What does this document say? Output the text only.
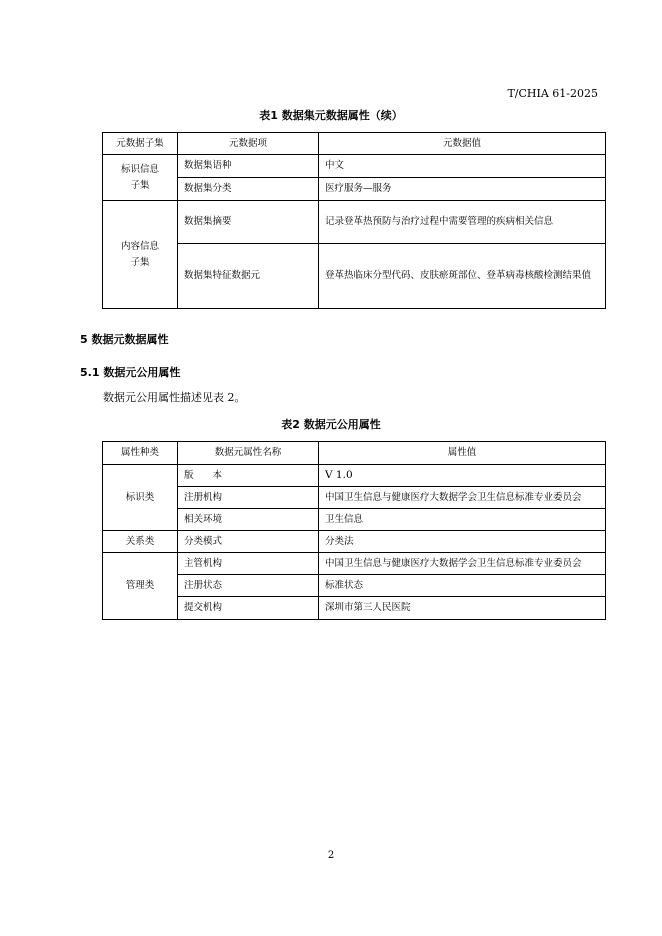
T/CHIA 61-2025
表1 数据集元数据属性（续）
元数据子集	元数据项	元数据值
标识信息
子集	数据集语种	中文
	数据集分类	医疗服务—服务
内容信息
子集	数据集摘要	记录登革热预防与治疗过程中需要管理的疾病相关信息
	数据集特征数据元	登革热临床分型代码、皮肤瘀斑部位、登革病毒核酸检测结果值
5 数据元数据属性
5.1 数据元公用属性
数据元公用属性描述见表 2。
表2 数据元公用属性
属性种类	数据元属性名称	属性值
标识类	版　　本	V 1.0
	注册机构	中国卫生信息与健康医疗大数据学会卫生信息标准专业委员会
	相关环境	卫生信息
关系类	分类模式	分类法
管理类	主管机构	中国卫生信息与健康医疗大数据学会卫生信息标准专业委员会
	注册状态	标准状态
	提交机构	深圳市第三人民医院
2
